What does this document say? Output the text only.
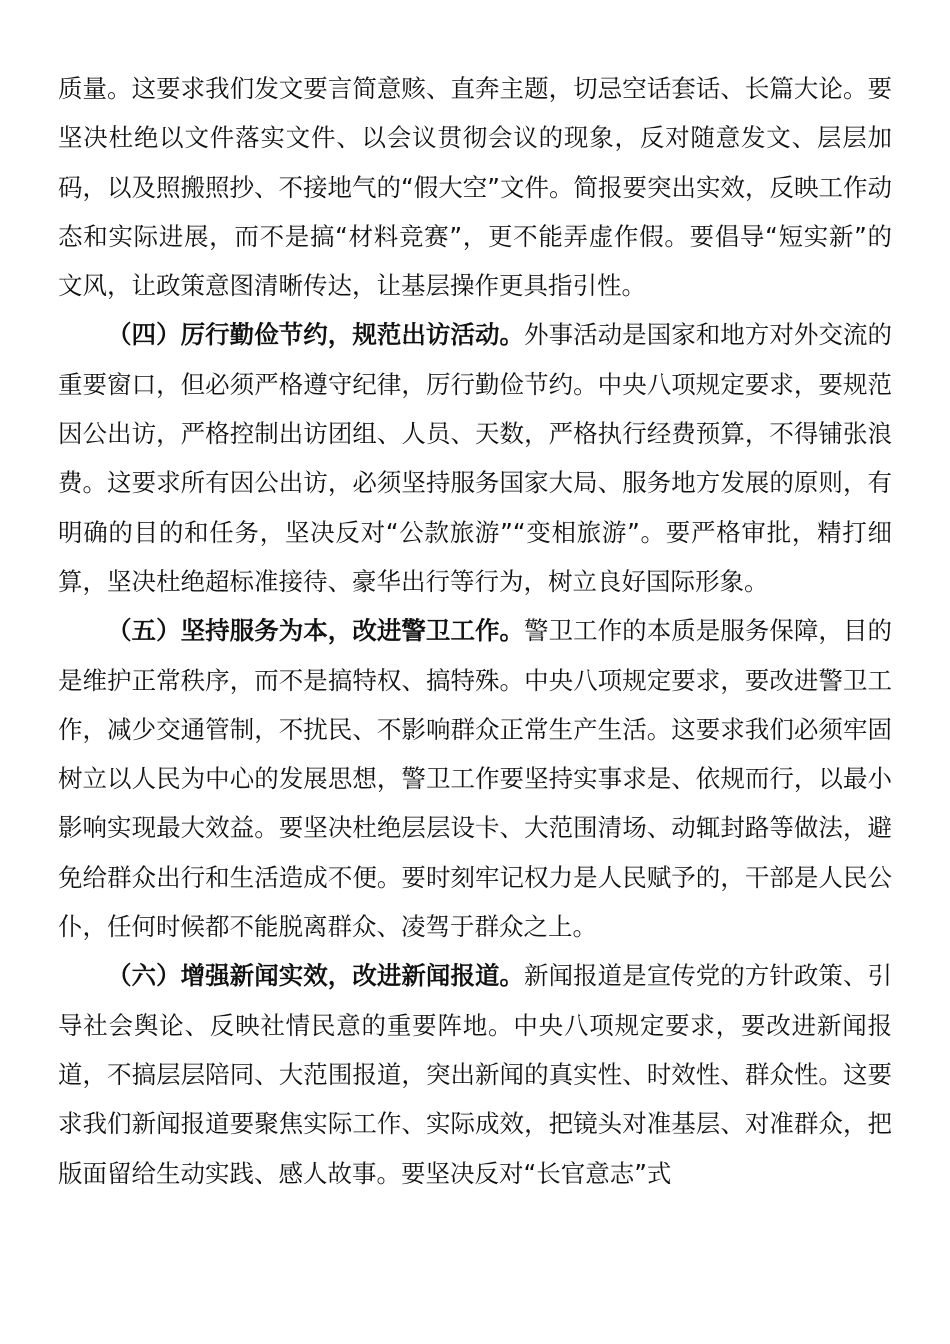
质量。这要求我们发文要言简意赅、直奔主题，切忌空话套话、长篇大论。要坚决杜绝以文件落实文件、以会议贯彻会议的现象，反对随意发文、层层加码，以及照搬照抄、不接地气的“假大空”文件。简报要突出实效，反映工作动态和实际进展，而不是搞“材料竞赛”，更不能弄虚作假。要倡导“短实新”的文风，让政策意图清晰传达，让基层操作更具指引性。

（四）厉行勤俭节约，规范出访活动。外事活动是国家和地方对外交流的重要窗口，但必须严格遵守纪律，厉行勤俭节约。中央八项规定要求，要规范因公出访，严格控制出访团组、人员、天数，严格执行经费预算，不得铺张浪费。这要求所有因公出访，必须坚持服务国家大局、服务地方发展的原则，有明确的目的和任务，坚决反对“公款旅游”“变相旅游”。要严格审批，精打细算，坚决杜绝超标准接待、豪华出行等行为，树立良好国际形象。

（五）坚持服务为本，改进警卫工作。警卫工作的本质是服务保障，目的是维护正常秩序，而不是搞特权、搞特殊。中央八项规定要求，要改进警卫工作，减少交通管制，不扰民、不影响群众正常生产生活。这要求我们必须牢固树立以人民为中心的发展思想，警卫工作要坚持实事求是、依规而行，以最小影响实现最大效益。要坚决杜绝层层设卡、大范围清场、动辄封路等做法，避免给群众出行和生活造成不便。要时刻牢记权力是人民赋予的，干部是人民公仆，任何时候都不能脱离群众、凌驾于群众之上。

（六）增强新闻实效，改进新闻报道。新闻报道是宣传党的方针政策、引导社会舆论、反映社情民意的重要阵地。中央八项规定要求，要改进新闻报道，不搞层层陪同、大范围报道，突出新闻的真实性、时效性、群众性。这要求我们新闻报道要聚焦实际工作、实际成效，把镜头对准基层、对准群众，把版面留给生动实践、感人故事。要坚决反对“长官意志”式
